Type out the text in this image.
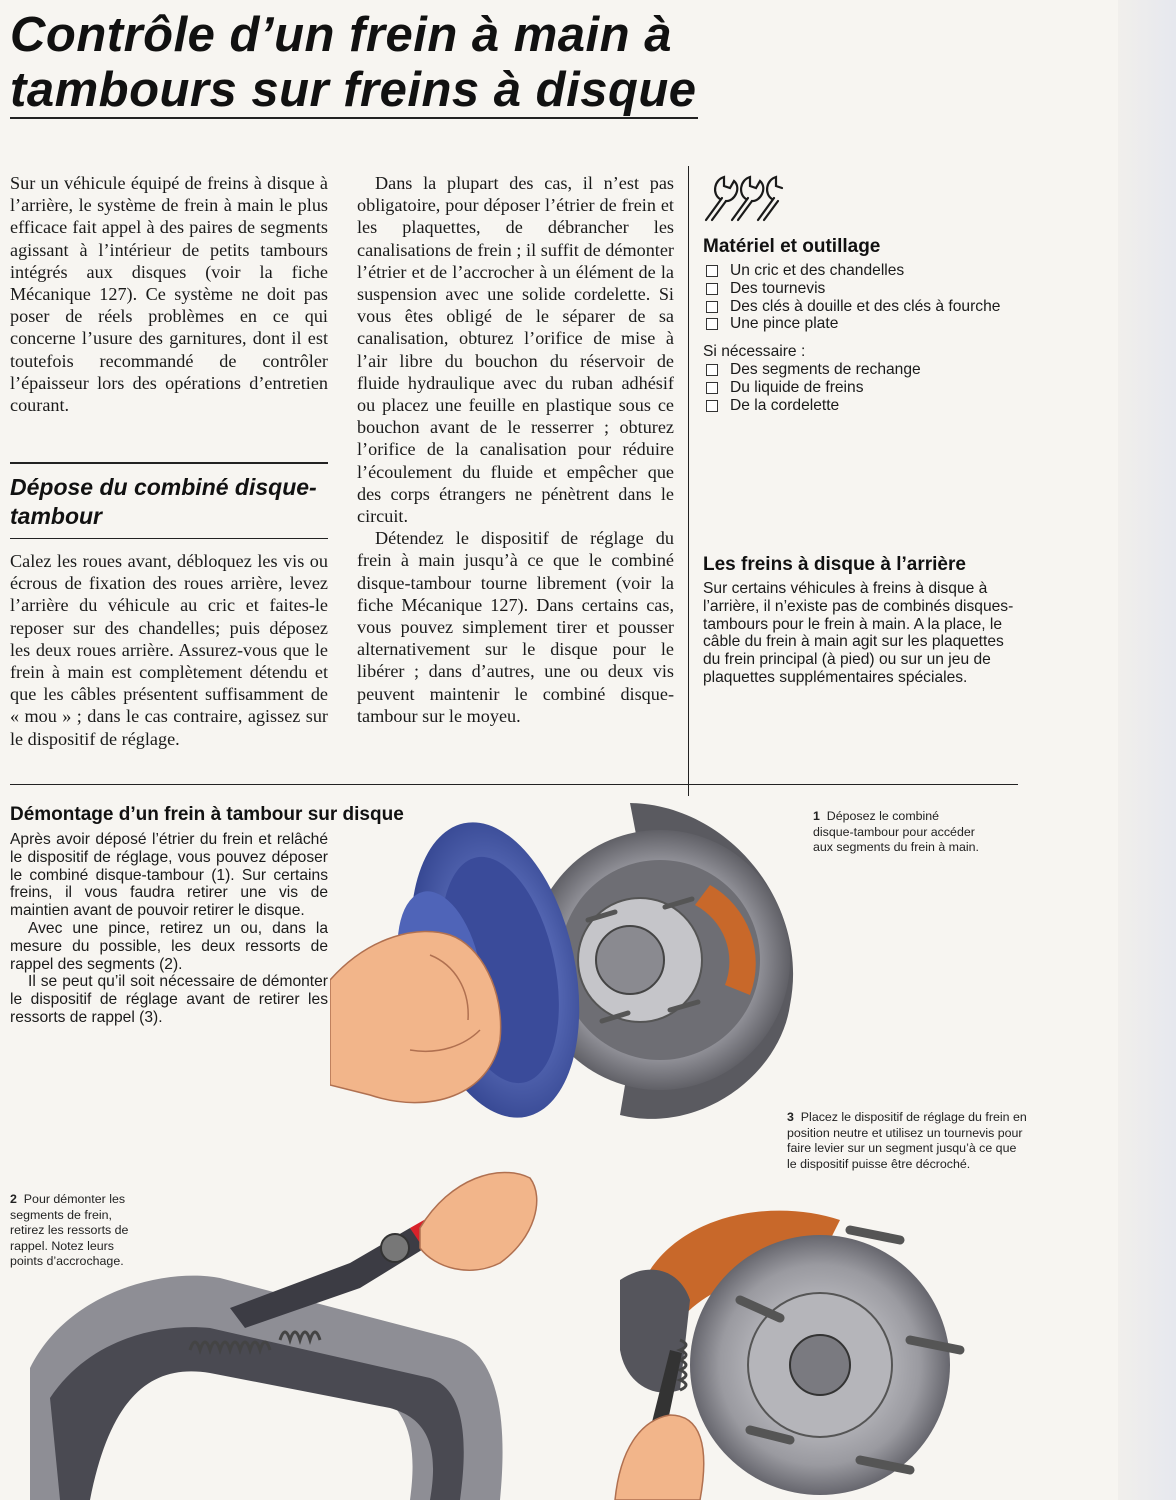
Contrôle d’un frein à main à tambours sur freins à disque

Sur un véhicule équipé de freins à disque à l’arrière, le système de frein à main le plus efficace fait appel à des paires de segments agissant à l’intérieur de petits tambours intégrés aux disques (voir la fiche Mécanique 127). Ce système ne doit pas poser de réels problèmes en ce qui concerne l’usure des garnitures, dont il est toutefois recommandé de contrôler l’épaisseur lors des opérations d’entretien courant.

Dépose du combiné disque-tambour

Calez les roues avant, débloquez les vis ou écrous de fixation des roues arrière, levez l’arrière du véhicule au cric et faites-le reposer sur des chandelles; puis déposez les deux roues arrière. Assurez-vous que le frein à main est complètement détendu et que les câbles présentent suffisamment de « mou » ; dans le cas contraire, agissez sur le dispositif de réglage.

Dans la plupart des cas, il n’est pas obligatoire, pour déposer l’étrier de frein et les plaquettes, de débrancher les canalisations de frein ; il suffit de démonter l’étrier et de l’accrocher à un élément de la suspension avec une solide cordelette. Si vous êtes obligé de le séparer de sa canalisation, obturez l’orifice de mise à l’air libre du bouchon du réservoir de fluide hydraulique avec du ruban adhésif ou placez une feuille en plastique sous ce bouchon avant de le resserrer ; obturez l’orifice de la canalisation pour réduire l’écoulement du fluide et empêcher que des corps étrangers ne pénètrent dans le circuit.

Détendez le dispositif de réglage du frein à main jusqu’à ce que le combiné disque-tambour tourne librement (voir la fiche Mécanique 127). Dans certains cas, vous pouvez simplement tirer et pousser alternativement sur le disque pour le libérer ; dans d’autres, une ou deux vis peuvent maintenir le combiné disque-tambour sur le moyeu.

Matériel et outillage
Un cric et des chandelles
Des tournevis
Des clés à douille et des clés à fourche
Une pince plate

Si nécessaire :

Des segments de rechange
Du liquide de freins
De la cordelette
Les freins à disque à l’arrière

Sur certains véhicules à freins à disque à l’arrière, il n’existe pas de combinés disques-tambours pour le frein à main. A la place, le câble du frein à main agit sur les plaquettes du frein principal (à pied) ou sur un jeu de plaquettes supplémentaires spéciales.

Démontage d’un frein à tambour sur disque

Après avoir déposé l’étrier du frein et relâché le dispositif de réglage, vous pouvez déposer le combiné disque-tambour (1). Sur certains freins, il vous faudra retirer une vis de maintien avant de pouvoir retirer le disque.

Avec une pince, retirez un ou, dans la mesure du possible, les deux ressorts de rappel des segments (2).

Il se peut qu’il soit nécessaire de démonter le dispositif de réglage avant de retirer les ressorts de rappel (3).

1 Déposez le combiné disque-tambour pour accéder aux segments du frein à main.

3 Placez le dispositif de réglage du frein en position neutre et utilisez un tournevis pour faire levier sur un segment jusqu’à ce que le dispositif puisse être décroché.

2 Pour démonter les segments de frein, retirez les ressorts de rappel. Notez leurs points d’accrochage.
